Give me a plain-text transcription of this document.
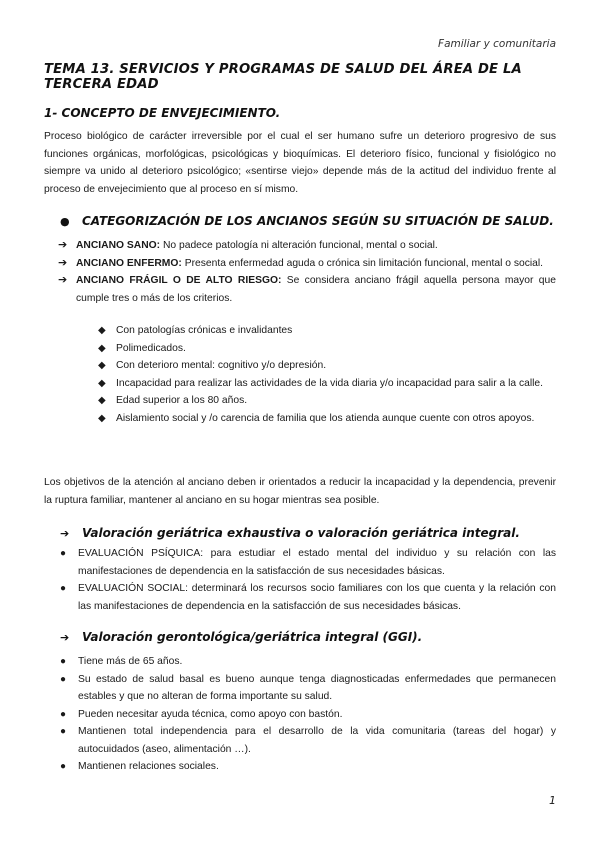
Familiar y comunitaria
TEMA 13. SERVICIOS Y PROGRAMAS DE SALUD DEL ÁREA DE LA TERCERA EDAD
1- CONCEPTO DE ENVEJECIMIENTO.

Proceso biológico de carácter irreversible por el cual el ser humano sufre un deterioro progresivo de sus funciones orgánicas, morfológicas, psicológicas y bioquímicas. El deterioro físico, funcional y fisiológico no siempre va unido al deterioro psicológico; «sentirse viejo» depende más de la actitud del individuo frente al proceso de envejecimiento que al proceso en sí mismo.

●	CATEGORIZACIÓN DE LOS ANCIANOS SEGÚN SU SITUACIÓN DE SALUD.
➔ ANCIANO SANO: No padece patología ni alteración funcional, mental o social.
➔ ANCIANO ENFERMO: Presenta enfermedad aguda o crónica sin limitación funcional, mental o social.
➔ ANCIANO FRÁGIL O DE ALTO RIESGO: Se considera anciano frágil aquella persona mayor que cumple tres o más de los criterios.
◆ Con patologías crónicas e invalidantes
◆ Polimedicados.
◆ Con deterioro mental: cognitivo y/o depresión.
◆ Incapacidad para realizar las actividades de la vida diaria y/o incapacidad para salir a la calle.
◆ Edad superior a los 80 años.
◆ Aislamiento social y /o carencia de familia que los atienda aunque cuente con otros apoyos.

Los objetivos de la atención al anciano deben ir orientados a reducir la incapacidad y la dependencia, prevenir la ruptura familiar, mantener al anciano en su hogar mientras sea posible.

➔	Valoración geriátrica exhaustiva o valoración geriátrica integral.
● EVALUACIÓN PSÍQUICA: para estudiar el estado mental del individuo y su relación con las manifestaciones de dependencia en la satisfacción de sus necesidades básicas.
● EVALUACIÓN SOCIAL: determinará los recursos socio familiares con los que cuenta y la relación con las manifestaciones de dependencia en la satisfacción de sus necesidades básicas.
➔	Valoración gerontológica/geriátrica integral (GGI).
● Tiene más de 65 años.
● Su estado de salud basal es bueno aunque tenga diagnosticadas enfermedades que permanecen estables y que no alteran de forma importante su salud.
● Pueden necesitar ayuda técnica, como apoyo con bastón.
● Mantienen total independencia para el desarrollo de la vida comunitaria (tareas del hogar) y autocuidados (aseo, alimentación …).
● Mantienen relaciones sociales.
1
